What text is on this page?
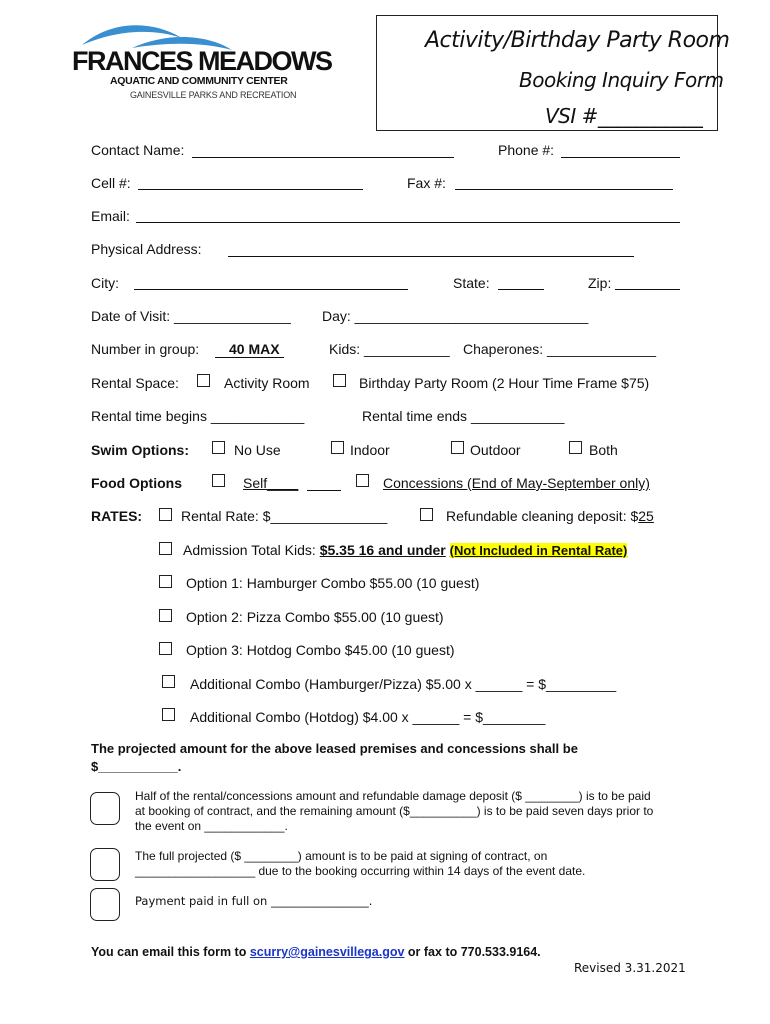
FRANCES MEADOWS
AQUATIC AND COMMUNITY CENTER
GAINESVILLE PARKS AND RECREATION
Activity/Birthday Party Room
Booking Inquiry Form
VSI #___________
Contact Name:	Phone #:
Cell #:	Fax #:
Email:
Physical Address:
City:	State:	Zip:
Date of Visit: _______________ Day: ______________________________
Number in group:	40 MAX	Kids: ___________ Chaperones: ______________
Rental Space:	Activity Room	Birthday Party Room (2 Hour Time Frame $75)
Rental time begins ____________	Rental time ends ____________
Swim Options:	No Use	Indoor	Outdoor	Both
Food Options	Self____	Concessions (End of May-September only)
RATES:	Rental Rate: $_______________	Refundable cleaning deposit: $25
Admission Total Kids: $5.35 16 and under (Not Included in Rental Rate)
Option 1: Hamburger Combo $55.00 (10 guest)
Option 2: Pizza Combo $55.00 (10 guest)
Option 3: Hotdog Combo $45.00 (10 guest)
Additional Combo (Hamburger/Pizza) $5.00 x ______ = $_________
Additional Combo (Hotdog) $4.00 x ______ = $________
The projected amount for the above leased premises and concessions shall be
$___________.
Half of the rental/concessions amount and refundable damage deposit ($ ________) is to be paid
at booking of contract, and the remaining amount ($__________) is to be paid seven days prior to
the event on ____________.
The full projected ($ ________) amount is to be paid at signing of contract, on
__________________ due to the booking occurring within 14 days of the event date.
Payment paid in full on _________________.
You can email this form to scurry@gainesvillega.gov or fax to 770.533.9164.
Revised 3.31.2021
